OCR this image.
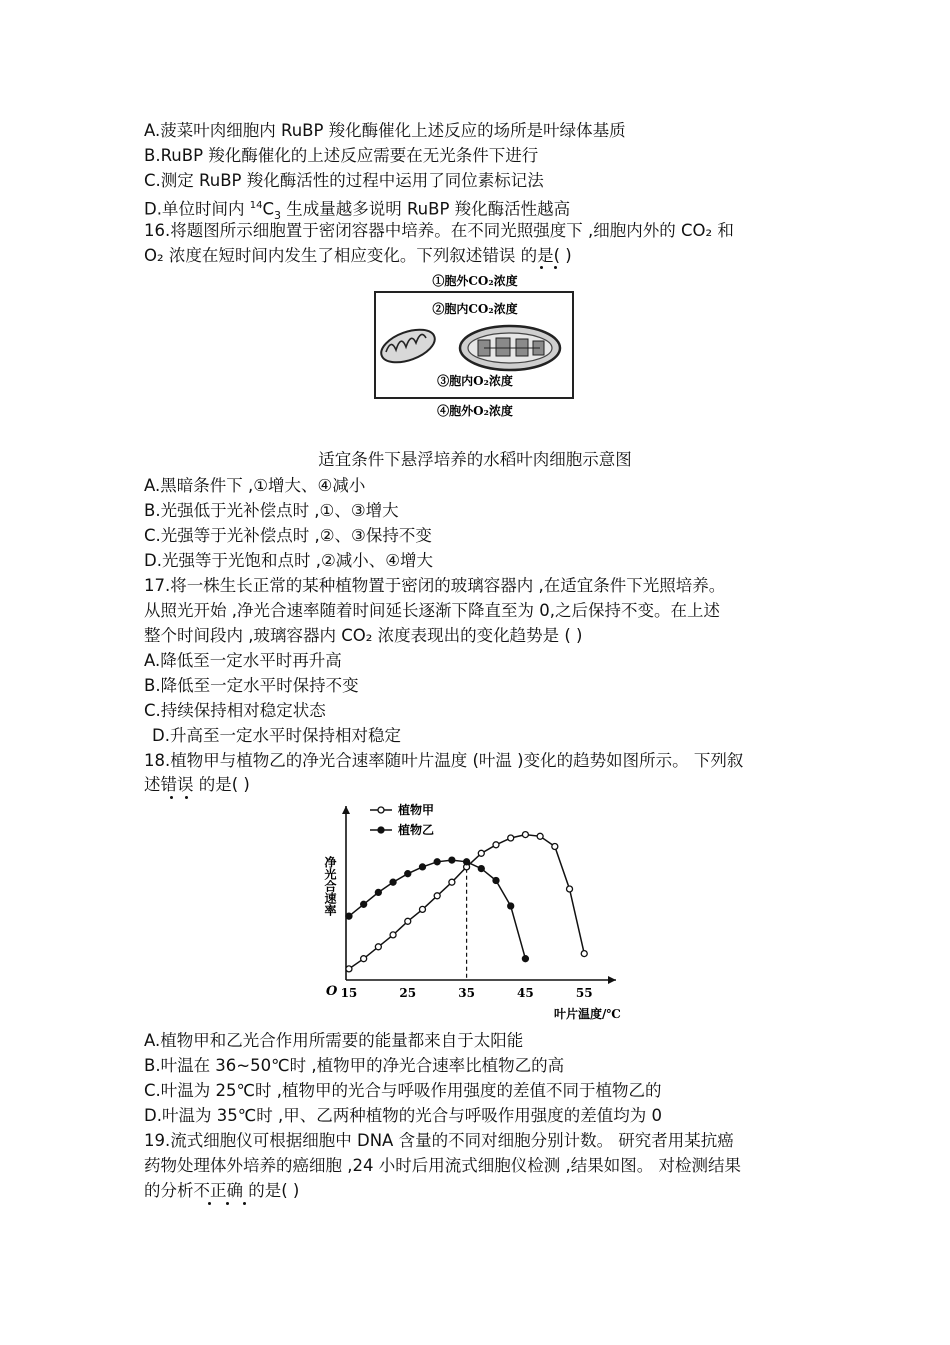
A.菠菜叶肉细胞内 RuBP 羧化酶催化上述反应的场所是叶绿体基质
B.RuBP 羧化酶催化的上述反应需要在无光条件下进行
C.测定 RuBP 羧化酶活性的过程中运用了同位素标记法
D.单位时间内 $^{14}C_3$ 生成量越多说明 RuBP 羧化酶活性越高
16.将题图所示细胞置于密闭容器中培养。在不同光照强度下 ,细胞内外的 CO₂ 和
O₂ 浓度在短时间内发生了相应变化。下列叙述错误 的是( )
①胞外CO₂浓度
②胞内CO₂浓度
③胞内O₂浓度
④胞外O₂浓度
适宜条件下悬浮培养的水稻叶肉细胞示意图
A.黑暗条件下 ,①增大、④减小
B.光强低于光补偿点时 ,①、③增大
C.光强等于光补偿点时 ,②、③保持不变
D.光强等于光饱和点时 ,②减小、④增大
17.将一株生长正常的某种植物置于密闭的玻璃容器内 ,在适宜条件下光照培养。
从照光开始 ,净光合速率随着时间延长逐渐下降直至为 0,之后保持不变。在上述
整个时间段内 ,玻璃容器内 CO₂ 浓度表现出的变化趋势是 ( )
A.降低至一定水平时再升高
B.降低至一定水平时保持不变
C.持续保持相对稳定状态
D.升高至一定水平时保持相对稳定
18.植物甲与植物乙的净光合速率随叶片温度 (叶温 )变化的趋势如图所示。 下列叙
述错误 的是( )
15	25	35	45	55
植物甲
植物乙
净光合速率
叶片温度/℃
O
A.植物甲和乙光合作用所需要的能量都来自于太阳能
B.叶温在 36~50℃时 ,植物甲的净光合速率比植物乙的高
C.叶温为 25℃时 ,植物甲的光合与呼吸作用强度的差值不同于植物乙的
D.叶温为 35℃时 ,甲、乙两种植物的光合与呼吸作用强度的差值均为 0
19.流式细胞仪可根据细胞中 DNA 含量的不同对细胞分别计数。 研究者用某抗癌
药物处理体外培养的癌细胞 ,24 小时后用流式细胞仪检测 ,结果如图。 对检测结果
的分析不正确 的是( )
